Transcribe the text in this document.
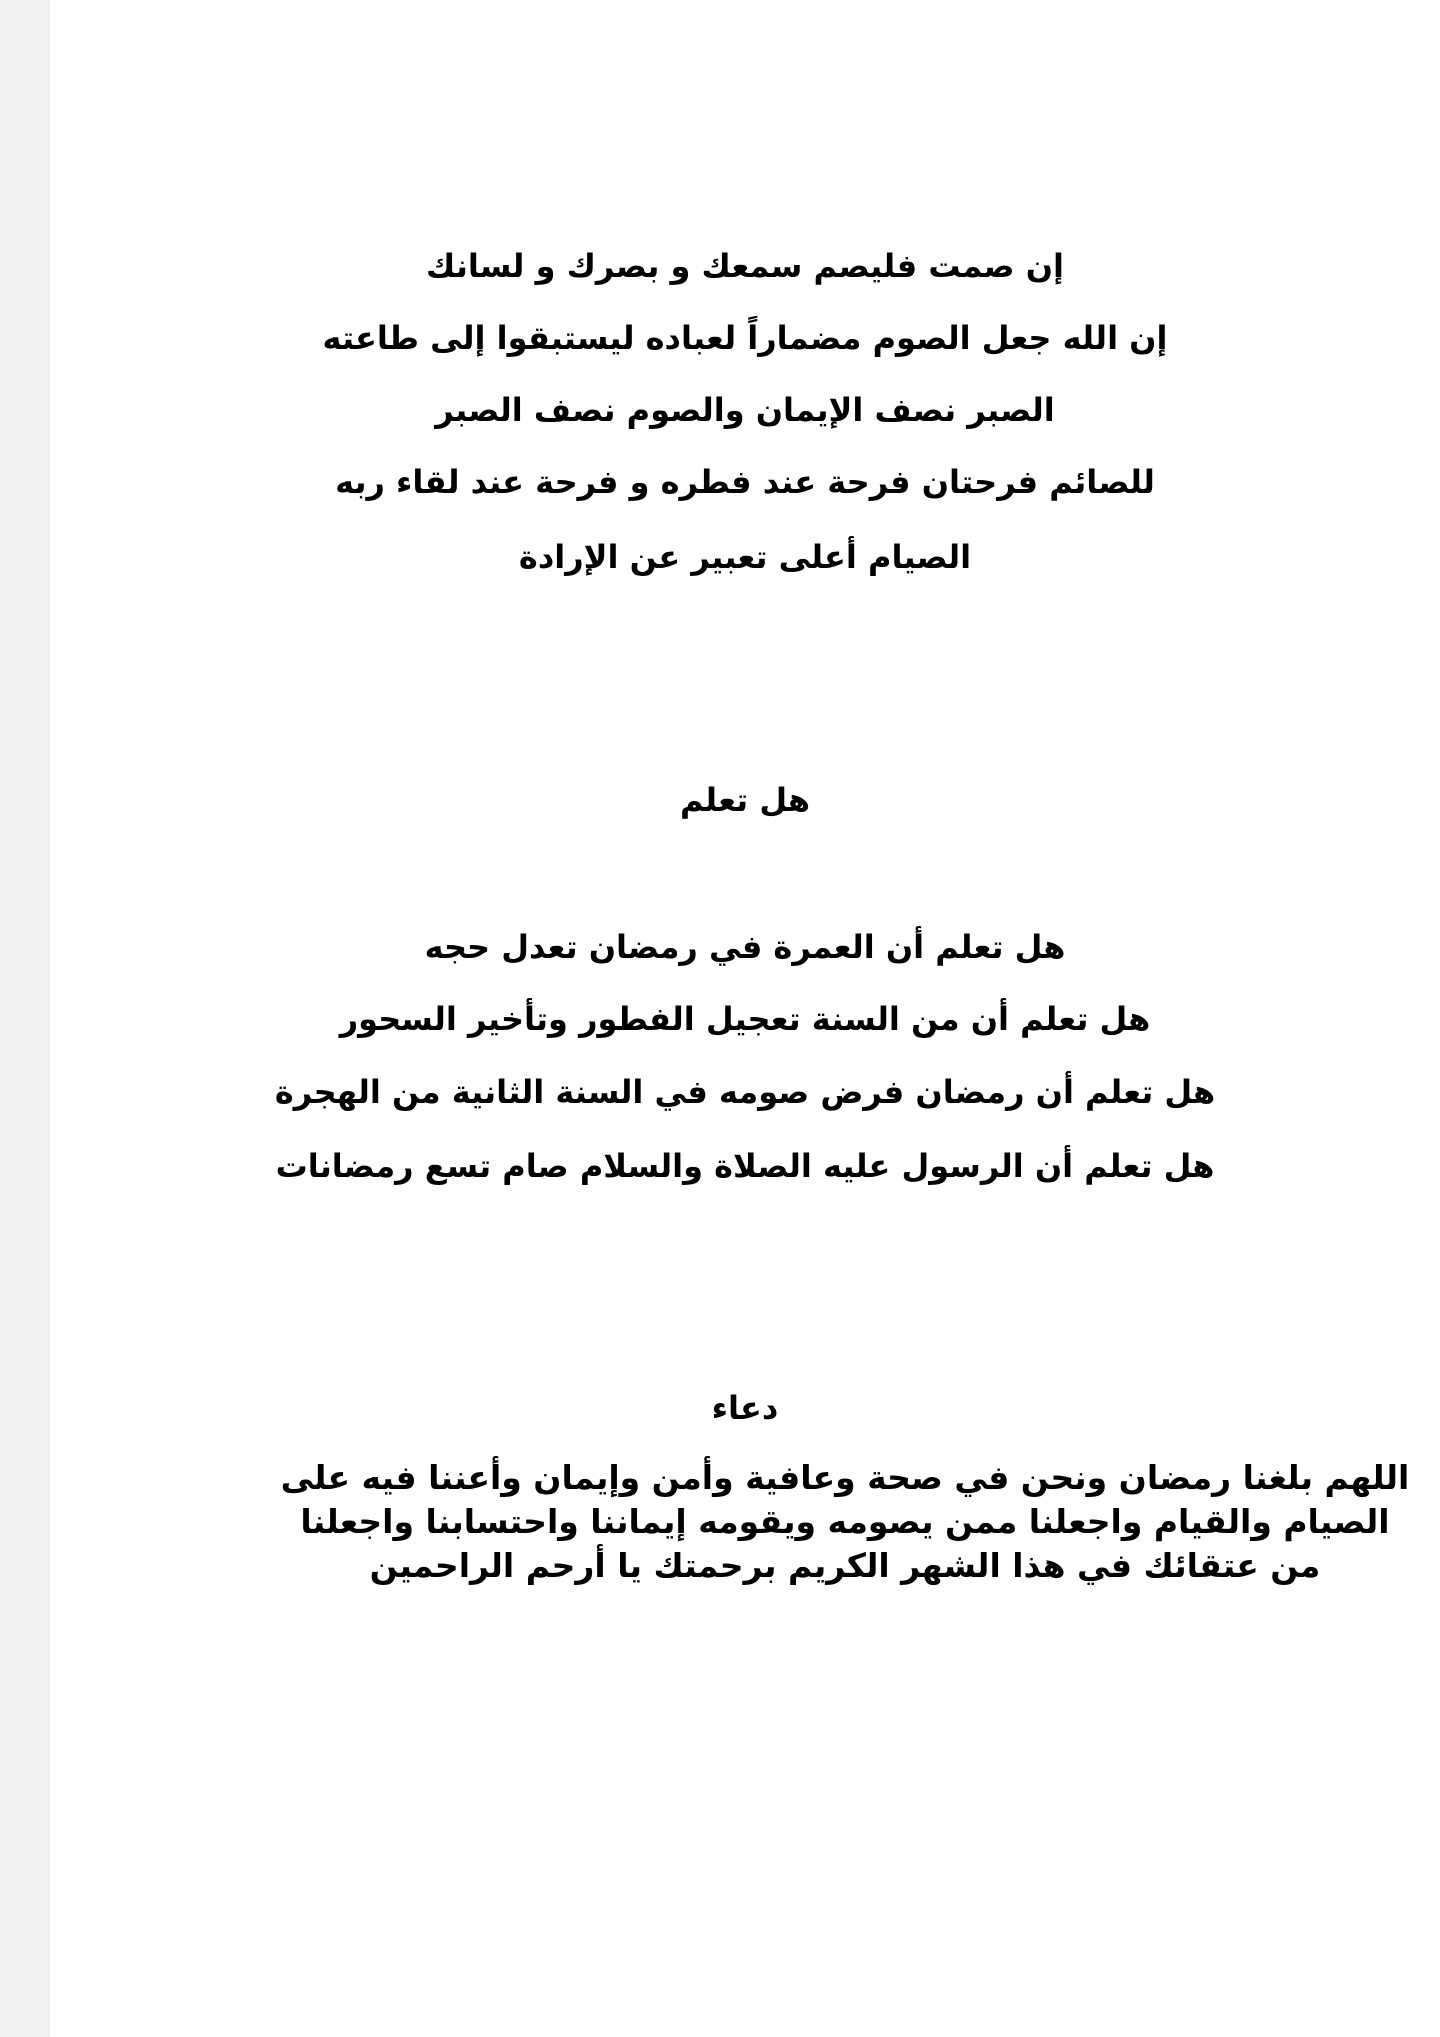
إن صمت فليصم سمعك و بصرك و لسانك
إن الله جعل الصوم مضماراً لعباده ليستبقوا إلى طاعته
الصبر نصف الإيمان والصوم نصف الصبر
للصائم فرحتان فرحة عند فطره و فرحة عند لقاء ربه
الصيام أعلى تعبير عن الإرادة
هل تعلم
هل تعلم أن العمرة في رمضان تعدل حجه
هل تعلم أن من السنة تعجيل الفطور وتأخير السحور
هل تعلم أن رمضان فرض صومه في السنة الثانية من الهجرة
هل تعلم أن الرسول عليه الصلاة والسلام صام تسع رمضانات
دعاء
اللهم بلغنا رمضان ونحن في صحة وعافية وأمن وإيمان وأعننا فيه على الصيام والقيام واجعلنا ممن يصومه ويقومه إيماننا واحتسابنا واجعلنا من عتقائك في هذا الشهر الكريم برحمتك يا أرحم الراحمين
